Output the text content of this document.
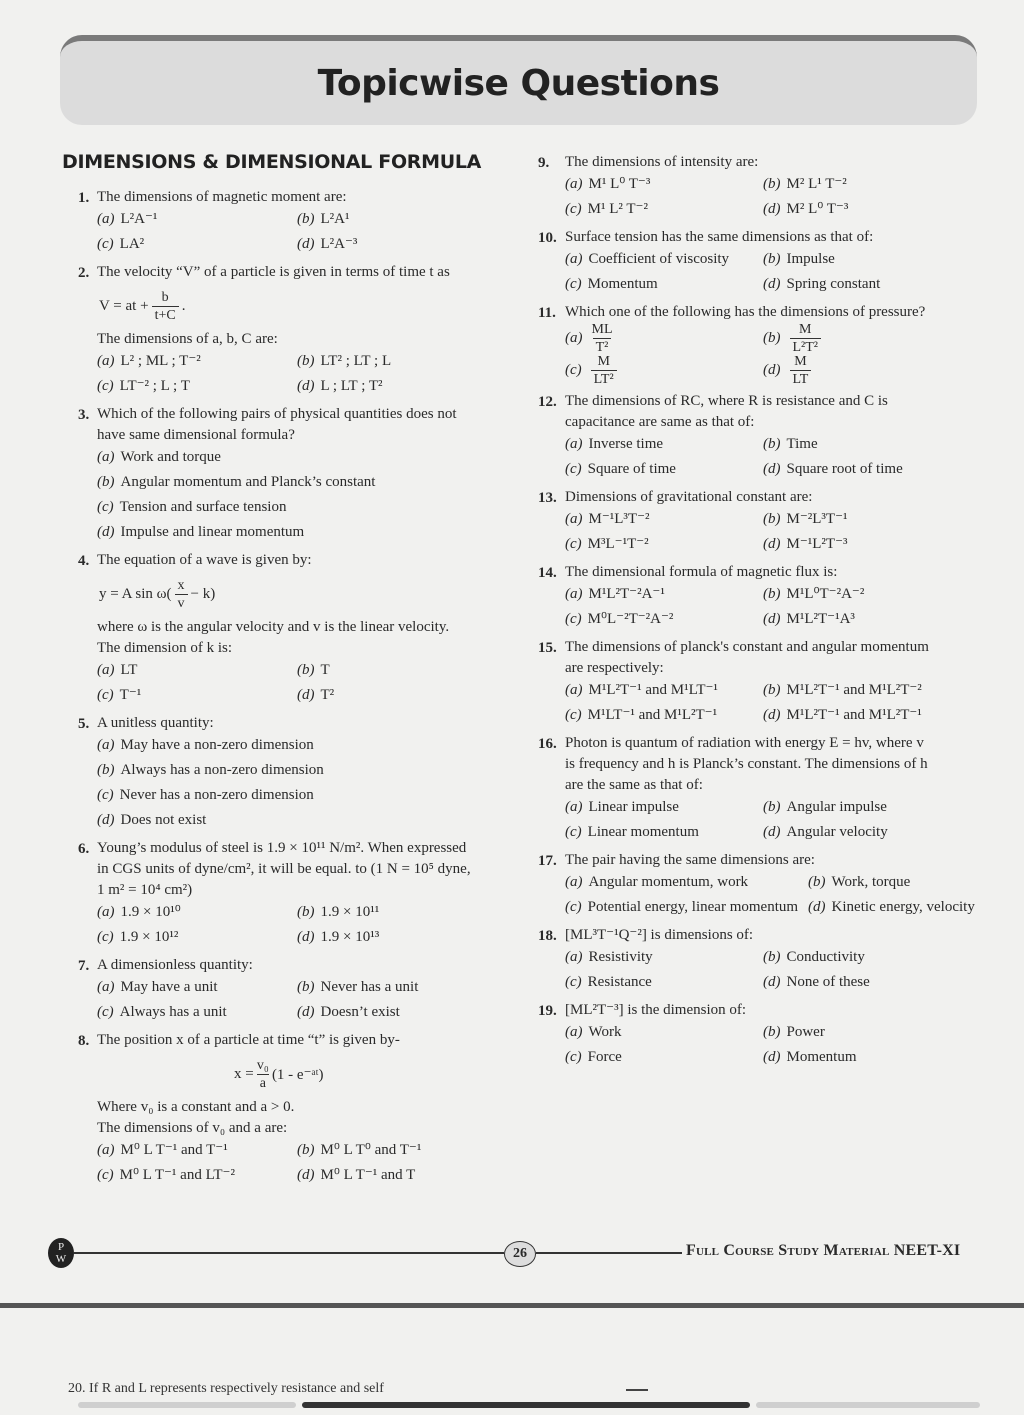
Topicwise Questions
DIMENSIONS & DIMENSIONAL FORMULA
1. The dimensions of magnetic moment are:
(a) L²A⁻¹	(b) L²A¹
(c) LA²	(d) L²A⁻³
2. The velocity “V” of a particle is given in terms of time t as
V = at + $\frac{b}{t+C}$ .
The dimensions of a, b, C are:
(a) L² ; ML ; T⁻²	(b) LT² ; LT ; L
(c) LT⁻² ; L ; T	(d) L ; LT ; T²
3. Which of the following pairs of physical quantities does not
have same dimensional formula?
(a) Work and torque
(b) Angular momentum and Planck’s constant
(c) Tension and surface tension
(d) Impulse and linear momentum
4. The equation of a wave is given by:
y = A $\sin \omega( \frac{x}{v} - k)$
where ω is the angular velocity and v is the linear velocity.
The dimension of k is:
(a) LT	(b) T
(c) T⁻¹	(d) T²
5. A unitless quantity:
(a) May have a non-zero dimension
(b) Always has a non-zero dimension
(c) Never has a non-zero dimension
(d) Does not exist
6. Young’s modulus of steel is 1.9 × 10¹¹ N/m². When expressed
in CGS units of dyne/cm², it will be equal. to (1 N = 10⁵ dyne,
1 m² = 10⁴ cm²)
(a) 1.9 × 10¹⁰	(b) 1.9 × 10¹¹
(c) 1.9 × 10¹²	(d) 1.9 × 10¹³
7. A dimensionless quantity:
(a) May have a unit	(b) Never has a unit
(c) Always has a unit	(d) Doesn’t exist
8. The position x of a particle at time “t” is given by-
$x = \frac{\text{v₀}}{a} (1$ - e⁻ᵃᵗ)
Where v₀ is a constant and a > 0.
The dimensions of v₀ and a are:
(a) M⁰ L T⁻¹ and T⁻¹	(b) M⁰ L T⁰ and T⁻¹
(c) M⁰ L T⁻¹ and LT⁻²	(d) M⁰ L T⁻¹ and T
9. The dimensions of intensity are:
(a) M¹ L⁰ T⁻³	(b) M² L¹ T⁻²
(c) M¹ L² T⁻²	(d) M² L⁰ T⁻³
10. Surface tension has the same dimensions as that of:
(a) Coefficient of viscosity (b) Impulse
(c) Momentum	(d) Spring constant
11. Which one of the following has the dimensions of pressure?
$(a) \frac{ML}{\text{T²}}$	$(b) \frac{M}{\text{L²T²}}$
$(c) \frac{M}{\text{LT²}}$	$(d) \frac{M}{LT}$
12. The dimensions of RC, where R is resistance and C is
capacitance are same as that of:
(a) Inverse time	(b) Time
(c) Square of time	(d) Square root of time
13. Dimensions of gravitational constant are:
(a) M⁻¹L³T⁻²	(b) M⁻²L³T⁻¹
(c) M³L⁻¹T⁻²	(d) M⁻¹L²T⁻³
14. The dimensional formula of magnetic flux is:
(a) M¹L²T⁻²A⁻¹	(b) M¹L⁰T⁻²A⁻²
(c) M⁰L⁻²T⁻²A⁻²	(d) M¹L²T⁻¹A³
15. The dimensions of planck's constant and angular momentum
are respectively:
(a) M¹L²T⁻¹ and M¹LT⁻¹	(b) M¹L²T⁻¹ and M¹L²T⁻²
(c) M¹LT⁻¹ and M¹L²T⁻¹	(d) M¹L²T⁻¹ and M¹L²T⁻¹
16. Photon is quantum of radiation with energy E = hv, where v
is frequency and h is Planck’s constant. The dimensions of h
are the same as that of:
(a) Linear impulse	(b) Angular impulse
(c) Linear momentum	(d) Angular velocity
17. The pair having the same dimensions are:
(a) Angular momentum, work	(b) Work, torque
(c) Potential energy, linear momentum (d) Kinetic energy, velocity
18. [ML³T⁻¹Q⁻²] is dimensions of:
(a) Resistivity	(b) Conductivity
(c) Resistance	(d) None of these
19. [ML²T⁻³] is the dimension of:
(a) Work	(b) Power
(c) Force	(d) Momentum
P
W	26	Full Course Study Material NEET-XI
20. If R and L represents respectively resistance and self
